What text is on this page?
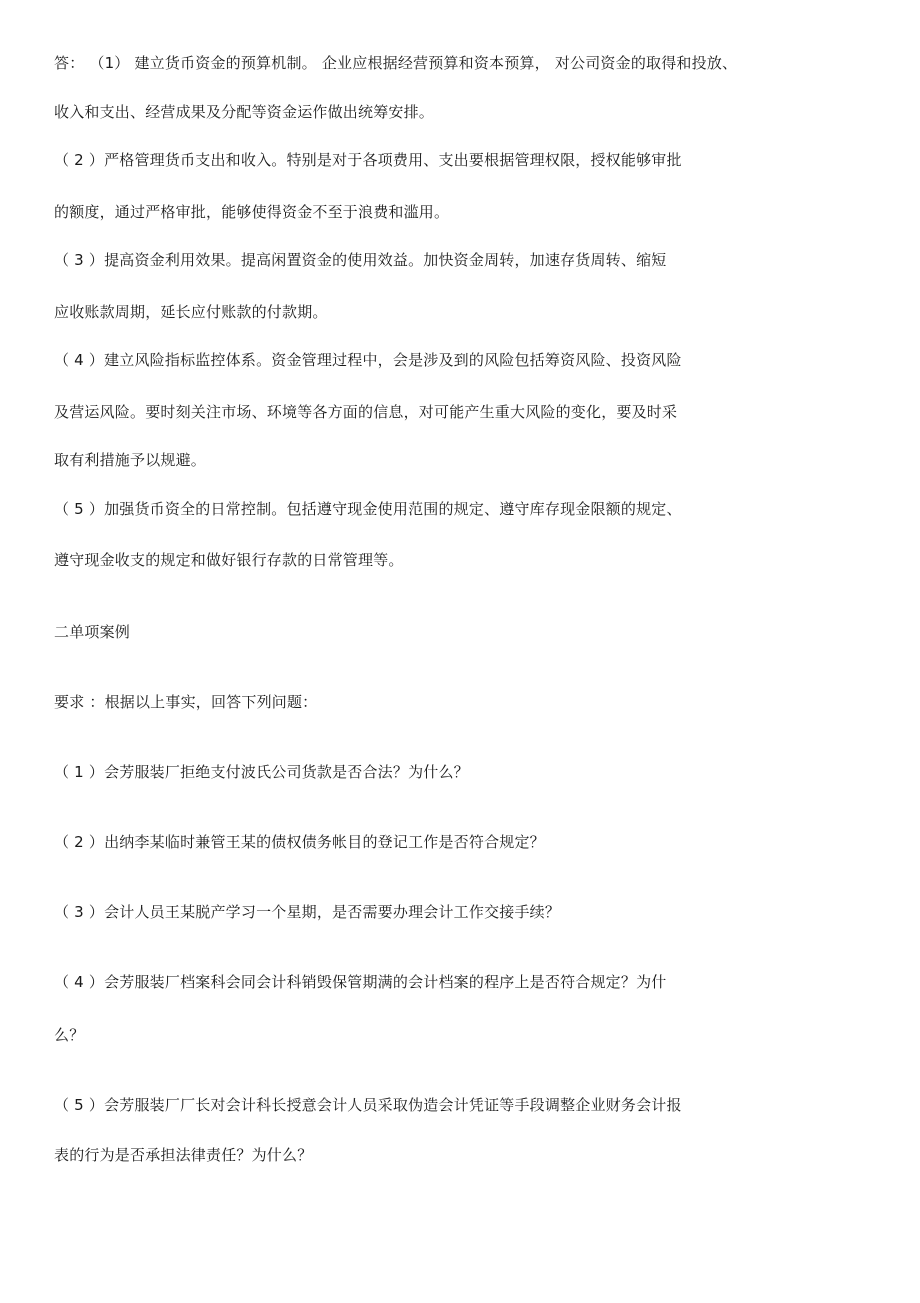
答： （1） 建立货币资金的预算机制。 企业应根据经营预算和资本预算， 对公司资金的取得和投放、
收入和支出、经营成果及分配等资金运作做出统筹安排。
（ 2 ）严格管理货币支出和收入。特别是对于各项费用、支出要根据管理权限，授权能够审批
的额度，通过严格审批，能够使得资金不至于浪费和滥用。
（ 3 ）提高资金利用效果。提高闲置资金的使用效益。加快资金周转，加速存货周转、缩短
应收账款周期，延长应付账款的付款期。
（ 4 ）建立风险指标监控体系。资金管理过程中，会是涉及到的风险包括筹资风险、投资风险
及营运风险。要时刻关注市场、环境等各方面的信息，对可能产生重大风险的变化，要及时采
取有利措施予以规避。
（ 5 ）加强货币资全的日常控制。包括遵守现金使用范围的规定、遵守库存现金限额的规定、
遵守现金收支的规定和做好银行存款的日常管理等。
二单项案例
要求 ：根据以上事实，回答下列问题：
（ 1 ）会芳服装厂拒绝支付波氏公司货款是否合法？为什么？
（ 2 ）出纳李某临时兼管王某的债权债务帐目的登记工作是否符合规定？
（ 3 ）会计人员王某脱产学习一个星期，是否需要办理会计工作交接手续？
（ 4 ）会芳服装厂档案科会同会计科销毁保管期满的会计档案的程序上是否符合规定？为什
么？
（ 5 ）会芳服装厂厂长对会计科长授意会计人员采取伪造会计凭证等手段调整企业财务会计报
表的行为是否承担法律责任？为什么？
